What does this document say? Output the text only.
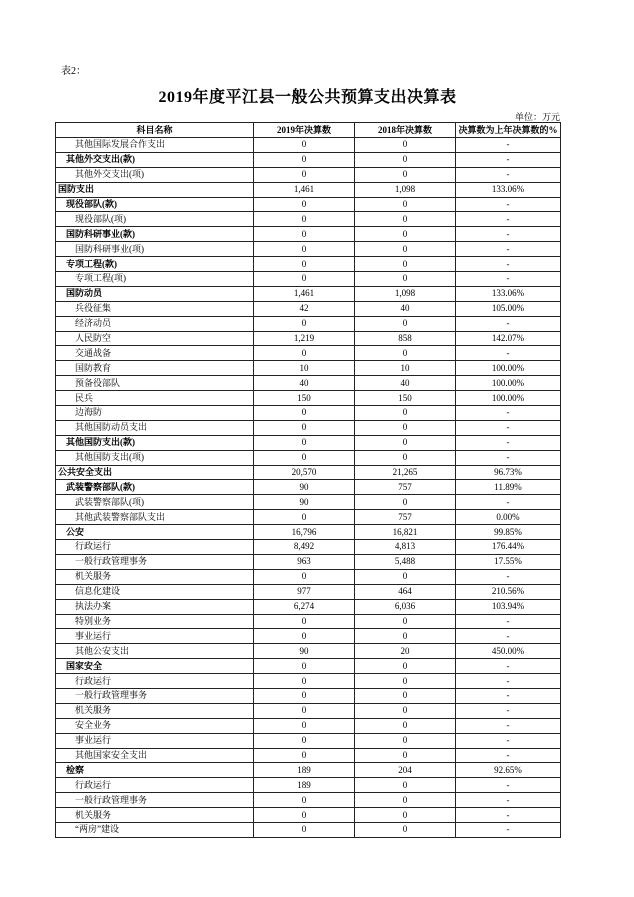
表2：
2019年度平江县一般公共预算支出决算表
单位：万元
科目名称	2019年决算数	2018年决算数	决算数为上年决算数的%
其他国际发展合作支出	0	0	-
其他外交支出(款)	0	0	-
其他外交支出(项)	0	0	-
国防支出	1,461	1,098	133.06%
现役部队(款)	0	0	-
现役部队(项)	0	0	-
国防科研事业(款)	0	0	-
国防科研事业(项)	0	0	-
专项工程(款)	0	0	-
专项工程(项)	0	0	-
国防动员	1,461	1,098	133.06%
兵役征集	42	40	105.00%
经济动员	0	0	-
人民防空	1,219	858	142.07%
交通战备	0	0	-
国防教育	10	10	100.00%
预备役部队	40	40	100.00%
民兵	150	150	100.00%
边海防	0	0	-
其他国防动员支出	0	0	-
其他国防支出(款)	0	0	-
其他国防支出(项)	0	0	-
公共安全支出	20,570	21,265	96.73%
武装警察部队(款)	90	757	11.89%
武装警察部队(项)	90	0	-
其他武装警察部队支出	0	757	0.00%
公安	16,796	16,821	99.85%
行政运行	8,492	4,813	176.44%
一般行政管理事务	963	5,488	17.55%
机关服务	0	0	-
信息化建设	977	464	210.56%
执法办案	6,274	6,036	103.94%
特别业务	0	0	-
事业运行	0	0	-
其他公安支出	90	20	450.00%
国家安全	0	0	-
行政运行	0	0	-
一般行政管理事务	0	0	-
机关服务	0	0	-
安全业务	0	0	-
事业运行	0	0	-
其他国家安全支出	0	0	-
检察	189	204	92.65%
行政运行	189	0	-
一般行政管理事务	0	0	-
机关服务	0	0	-
“两房”建设	0	0	-
